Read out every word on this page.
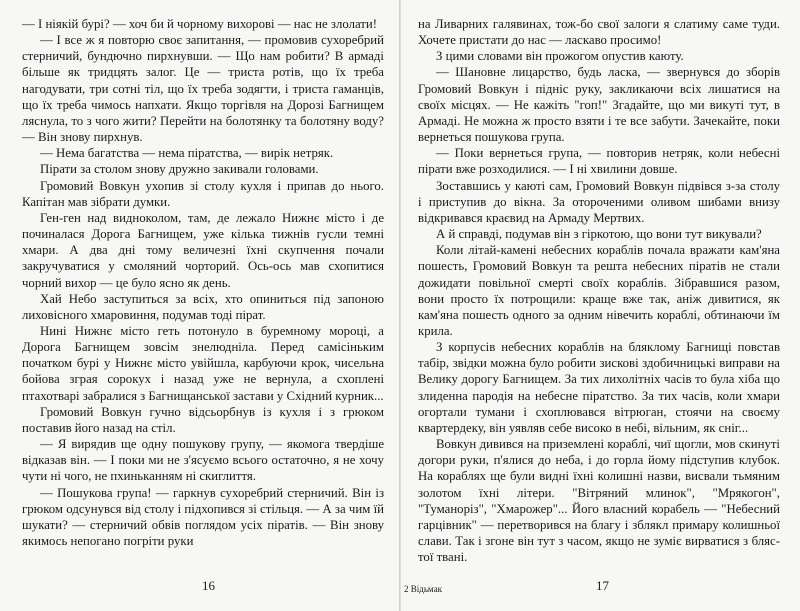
— І ніякій бурі? — хоч би й чорному вихорові — нас не злолати!

— І все ж я повторю своє запитання, — промовив сухоребрий стерничий, бундючно пирхнувши. — Що нам робити? В армаді більше як тридцять залог. Це — триста ротів, що їх треба нагодувати, три сотні тіл, що їх треба зодягти, і триста гаманців, що їх треба чимось напхати. Якщо торгівля на Дорозі Багнищем ляснула, то з чого жити? Перейти на болотянку та болотяну воду? — Він знову пирхнув.

— Нема багатства — нема піратства, — вирік нетряк.

Пірати за столом знову дружно закивали головами.

Громовий Вовкун ухопив зі столу кухля і припав до нього. Капітан мав зібрати думки.

Ген-ген над видноколом, там, де лежало Нижнє місто і де починалася Дорога Багнищем, уже кілька тижнів гусли темні хмари. А два дні тому величезні їхні скупчення почали закручуватися у смоляний чорторий. Ось-ось мав схопитися чорний вихор — це було ясно як день.

Хай Небо заступиться за всіх, хто опиниться під запоною лиховісного хмаровиння, подумав тоді пірат.

Нині Нижнє місто геть потонуло в буремному мороці, а Дорога Багнищем зовсім знелюдніла. Перед самісіньким початком бурі у Нижнє місто увійшла, карбуючи крок, чисельна бойова зграя сорокух і назад уже не вернула, а схоплені птахотварі забралися з Багнищанської застави у Східний курник...

Громовий Вовкун гучно відсьорбнув із кухля і з грюком поставив його назад на стіл.

— Я вирядив ще одну пошукову групу, — якомога твердіше відказав він. — І поки ми не з'ясуємо всього остаточно, я не хочу чути ні чого, не пхиньканням ні скиглиття.

— Пошукова група! — гаркнув сухоребрий стерничий. Він із грюком одсунувся від столу і підхопився зі стільця. — А за чим їй шукати? — стерничий обвів поглядом усіх піратів. — Він знову якимось непогано погріти руки

16

на Ливарних галявинах, тож-бо свої залоги я слатиму саме туди. Хочете пристати до нас — ласкаво просимо!

З цими словами він прожогом опустив каюту.

— Шановне лицарство, будь ласка, — звернувся до зборів Громовий Вовкун і підніс руку, закликаючи всіх лишатися на своїх місцях. — Не кажіть "гоп!" Згадайте, що ми викуті тут, в Армаді. Не можна ж просто взяти і те все забути. Зачекайте, поки вернеться пошукова група.

— Поки вернеться група, — повторив нетряк, коли небесні пірати вже розходилися. — І ні хвилини довше.

Зоставшись у каюті сам, Громовий Вовкун підвівся з-за столу і приступив до вікна. За отороченими оливом шибами внизу відкривався краєвид на Армаду Мертвих.

А й справді, подумав він з гіркотою, що вони тут викували?

Коли літай-камені небесних кораблів почала вражати кам'яна пошесть, Громовий Вовкун та решта небесних піратів не стали дожидати повільної смерті своїх кораблів. Зібравшися разом, вони просто їх потрощили: краще вже так, аніж дивитися, як кам'яна пошесть одного за одним нівечить кораблі, обтинаючи їм крила.

З корпусів небесних кораблів на бляклому Багнищі повстав табір, звідки можна було робити зискові здобичницькі виправи на Велику дорогу Багнищем. За тих лихолітніх часів то була хіба що злиденна пародія на небесне піратство. За тих часів, коли хмари огортали тумани і схоплювався вітрюган, стоячи на своєму квартердеку, він уявляв себе високо в небі, вільним, як сніг...

Вовкун дивився на приземлені кораблі, чиї щогли, мов скинуті догори руки, п'ялися до неба, і до горла йому підступив клубок. На кораблях ще були видні їхні колишні назви, висвали тьмяним золотом їхні літери. "Вітряний млинок", "Мрякогон", "Туманоріз", "Хмарожер"... Його власний корабель — "Небесний гарцівник" — перетворився на благу і зблякл примару колишньої слави. Так і згоне він тут з часом, якщо не зуміє вирватися з бляс-тої твані.

2 Відьмак	17
